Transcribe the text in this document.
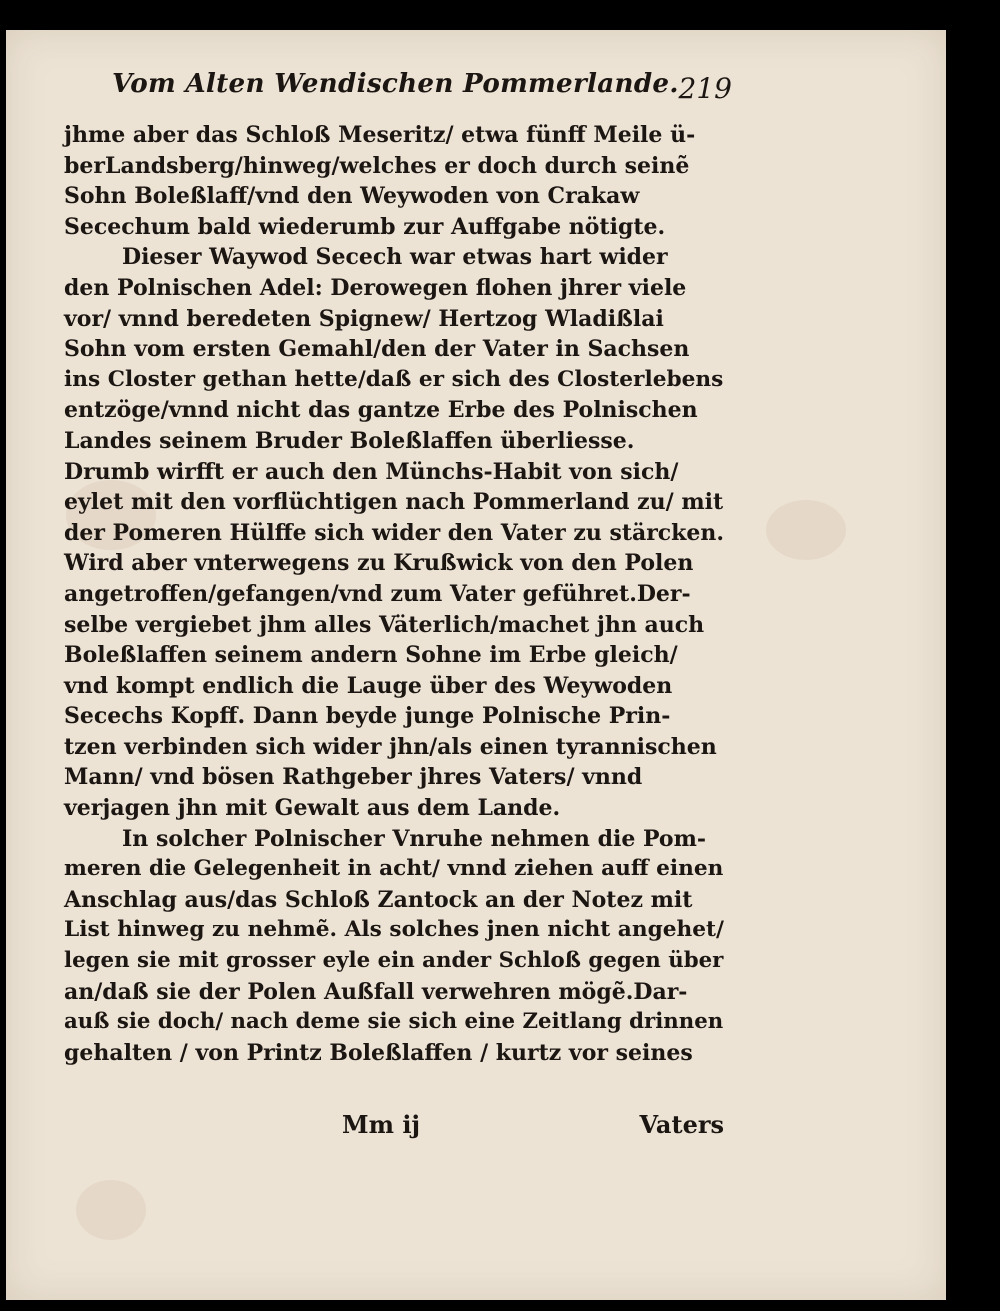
Vom Alten Wendischen Pommerlande. 219
jhme aber das Schloß Meseritz/ etwa fünff Meile ü-
berLandsberg/hinweg/welches er doch durch seinẽ
Sohn Boleßlaff/vnd den Weywoden von Crakaw
Secechum bald wiederumb zur Auffgabe nötigte.
Dieser Waywod Secech war etwas hart wider
den Polnischen Adel: Derowegen flohen jhrer viele
vor/ vnnd beredeten Spignew/ Hertzog Wladißlai
Sohn vom ersten Gemahl/den der Vater in Sachsen
ins Closter gethan hette/daß er sich des Closterlebens
entzöge/vnnd nicht das gantze Erbe des Polnischen
Landes seinem Bruder Boleßlaffen überliesse.
Drumb wirfft er auch den Münchs-Habit von sich/
eylet mit den vorflüchtigen nach Pommerland zu/ mit
der Pomeren Hülffe sich wider den Vater zu stärcken.
Wird aber vnterwegens zu Krußwick von den Polen
angetroffen/gefangen/vnd zum Vater geführet.Der-
selbe vergiebet jhm alles Väterlich/machet jhn auch
Boleßlaffen seinem andern Sohne im Erbe gleich/
vnd kompt endlich die Lauge über des Weywoden
Secechs Kopff. Dann beyde junge Polnische Prin-
tzen verbinden sich wider jhn/als einen tyrannischen
Mann/ vnd bösen Rathgeber jhres Vaters/ vnnd
verjagen jhn mit Gewalt aus dem Lande.
In solcher Polnischer Vnruhe nehmen die Pom-
meren die Gelegenheit in acht/ vnnd ziehen auff einen
Anschlag aus/das Schloß Zantock an der Notez mit
List hinweg zu nehmẽ. Als solches jnen nicht angehet/
legen sie mit grosser eyle ein ander Schloß gegen über
an/daß sie der Polen Außfall verwehren mögẽ.Dar-
auß sie doch/ nach deme sie sich eine Zeitlang drinnen
gehalten / von Printz Boleßlaffen / kurtz vor seines
Mm ij	Vaters
